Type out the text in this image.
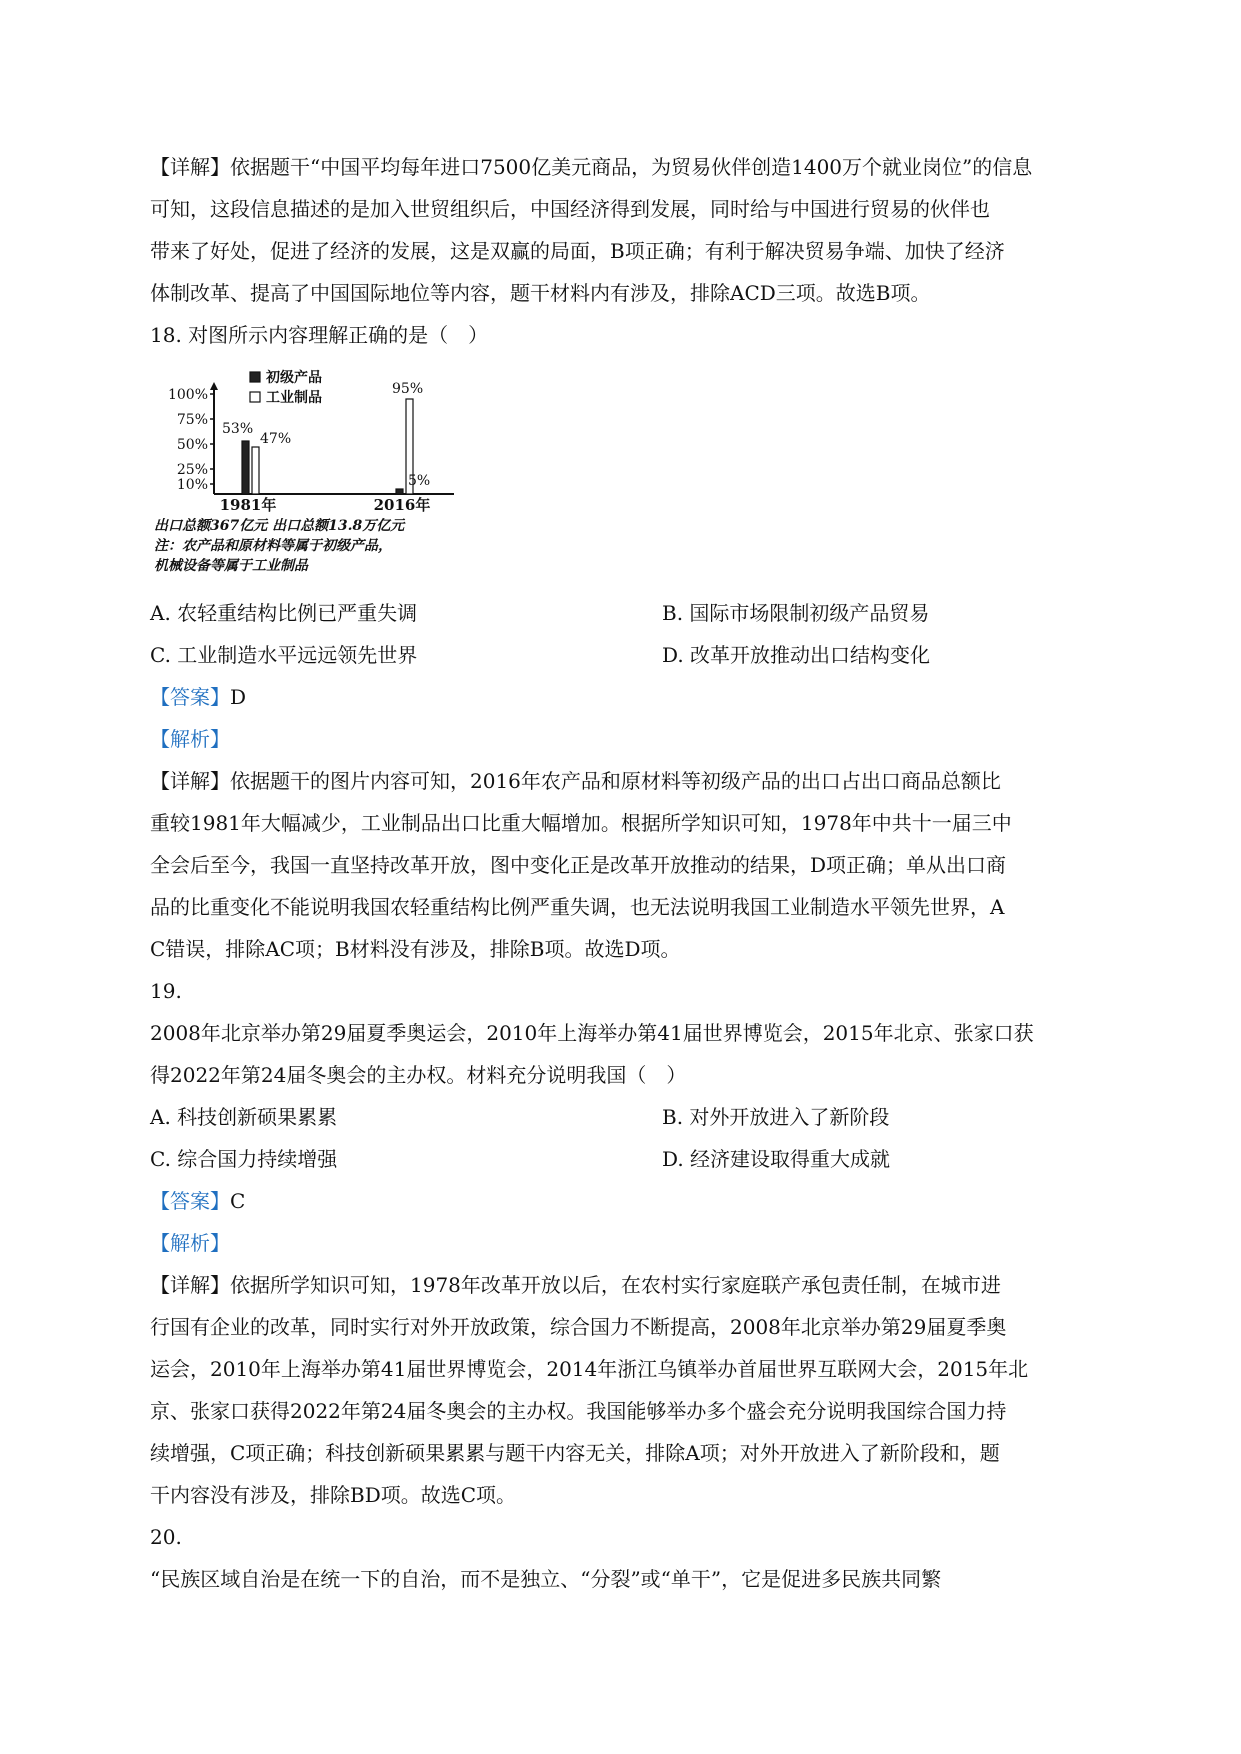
【详解】依据题干“中国平均每年进口7500亿美元商品，为贸易伙伴创造1400万个就业岗位”的信息

可知，这段信息描述的是加入世贸组织后，中国经济得到发展，同时给与中国进行贸易的伙伴也

带来了好处，促进了经济的发展，这是双赢的局面，B项正确；有利于解决贸易争端、加快了经济

体制改革、提高了中国国际地位等内容，题干材料内有涉及，排除ACD三项。故选B项。

18. 对图所示内容理解正确的是（　）

100%
75%
50%
25%
10%
1981年	2016年
53%
47%
5%
95%
初级产品
工业制品
出口总额367亿元 出口总额13.8万亿元
注：农产品和原材料等属于初级产品，
机械设备等属于工业制品
A. 农轻重结构比例已严重失调	B. 国际市场限制初级产品贸易
C. 工业制造水平远远领先世界	D. 改革开放推动出口结构变化

【答案】D

【解析】

【详解】依据题干的图片内容可知，2016年农产品和原材料等初级产品的出口占出口商品总额比

重较1981年大幅减少，工业制品出口比重大幅增加。根据所学知识可知，1978年中共十一届三中

全会后至今，我国一直坚持改革开放，图中变化正是改革开放推动的结果，D项正确；单从出口商

品的比重变化不能说明我国农轻重结构比例严重失调，也无法说明我国工业制造水平领先世界，A

C错误，排除AC项；B材料没有涉及，排除B项。故选D项。

19.

2008年北京举办第29届夏季奥运会，2010年上海举办第41届世界博览会，2015年北京、张家口获

得2022年第24届冬奥会的主办权。材料充分说明我国（　）

A. 科技创新硕果累累	B. 对外开放进入了新阶段
C. 综合国力持续增强	D. 经济建设取得重大成就

【答案】C

【解析】

【详解】依据所学知识可知，1978年改革开放以后，在农村实行家庭联产承包责任制，在城市进

行国有企业的改革，同时实行对外开放政策，综合国力不断提高，2008年北京举办第29届夏季奥

运会，2010年上海举办第41届世界博览会，2014年浙江乌镇举办首届世界互联网大会，2015年北

京、张家口获得2022年第24届冬奥会的主办权。我国能够举办多个盛会充分说明我国综合国力持

续增强，C项正确；科技创新硕果累累与题干内容无关，排除A项；对外开放进入了新阶段和，题

干内容没有涉及，排除BD项。故选C项。

20.

“民族区域自治是在统一下的自治，而不是独立、“分裂”或“单干”，它是促进多民族共同繁
